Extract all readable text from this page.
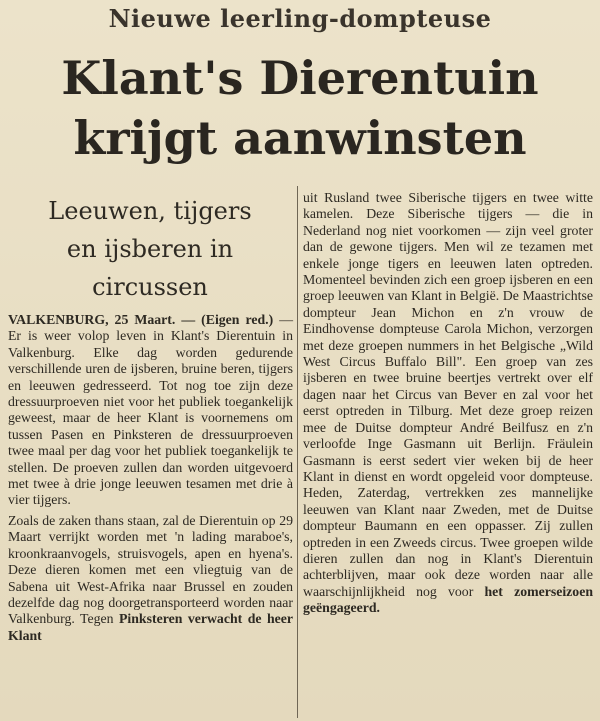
Nieuwe leerling-dompteuse
Klant's Dierentuin
krijgt aanwinsten
Leeuwen, tijgers
en ijsberen in
circussen

VALKENBURG, 25 Maart. — (Eigen red.) — Er is weer volop leven in Klant's Dierentuin in Valkenburg. Elke dag worden gedurende verschillende uren de ijsberen, bruine beren, tijgers en leeuwen gedresseerd. Tot nog toe zijn deze dressuurproeven niet voor het publiek toegankelijk geweest, maar de heer Klant is voornemens om tussen Pasen en Pinksteren de dressuurproeven twee maal per dag voor het publiek toegankelijk te stellen. De proeven zullen dan worden uitgevoerd met twee à drie jonge leeuwen tesamen met drie à vier tijgers.

Zoals de zaken thans staan, zal de Dierentuin op 29 Maart verrijkt worden met 'n lading maraboe's, kroonkraanvogels, struisvogels, apen en hyena's. Deze dieren komen met een vliegtuig van de Sabena uit West-Afrika naar Brussel en zouden dezelfde dag nog doorgetransporteerd worden naar Valkenburg. Tegen Pinksteren verwacht de heer Klant

uit Rusland twee Siberische tijgers en twee witte kamelen. Deze Siberische tijgers — die in Nederland nog niet voorkomen — zijn veel groter dan de gewone tijgers. Men wil ze tezamen met enkele jonge tigers en leeuwen laten optreden. Momenteel bevinden zich een groep ijsberen en een groep leeuwen van Klant in België. De Maastrichtse dompteur Jean Michon en z'n vrouw de Eindhovense dompteuse Carola Michon, verzorgen met deze groepen nummers in het Belgische „Wild West Circus Buffalo Bill". Een groep van zes ijsberen en twee bruine beertjes vertrekt over elf dagen naar het Circus van Bever en zal voor het eerst optreden in Tilburg. Met deze groep reizen mee de Duitse dompteur André Beilfusz en z'n verloofde Inge Gasmann uit Berlijn. Fräulein Gasmann is eerst sedert vier weken bij de heer Klant in dienst en wordt opgeleid voor dompteuse. Heden, Zaterdag, vertrekken zes mannelijke leeuwen van Klant naar Zweden, met de Duitse dompteur Baumann en een oppasser. Zij zullen optreden in een Zweeds circus. Twee groepen wilde dieren zullen dan nog in Klant's Dierentuin achterblijven, maar ook deze worden naar alle waarschijnlijkheid nog voor het zomerseizoen geëngageerd.
